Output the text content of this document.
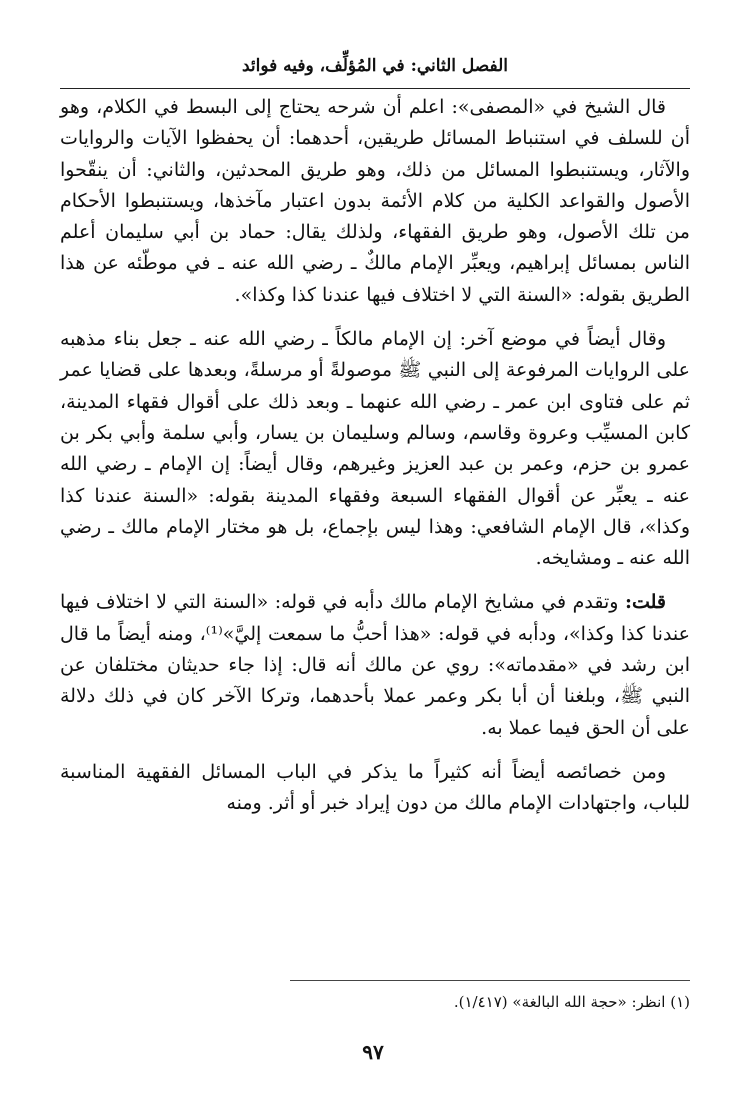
الفصل الثاني: في المُؤلِّف، وفيه فوائد

قال الشيخ في «المصفى»: اعلم أن شرحه يحتاج إلى البسط في الكلام، وهو أن للسلف في استنباط المسائل طريقين، أحدهما: أن يحفظوا الآيات والروايات والآثار، ويستنبطوا المسائل من ذلك، وهو طريق المحدثين، والثاني: أن ينقّحوا الأصول والقواعد الكلية من كلام الأئمة بدون اعتبار مآخذها، ويستنبطوا الأحكام من تلك الأصول، وهو طريق الفقهاء، ولذلك يقال: حماد بن أبي سليمان أعلم الناس بمسائل إبراهيم، ويعبِّر الإمام مالكٌ ـ رضي الله عنه ـ في موطّئه عن هذا الطريق بقوله: «السنة التي لا اختلاف فيها عندنا كذا وكذا».

وقال أيضاً في موضع آخر: إن الإمام مالكاً ـ رضي الله عنه ـ جعل بناء مذهبه على الروايات المرفوعة إلى النبي ﷺ موصولةً أو مرسلةً، وبعدها على قضايا عمر ثم على فتاوى ابن عمر ـ رضي الله عنهما ـ وبعد ذلك على أقوال فقهاء المدينة، كابن المسيِّب وعروة وقاسم، وسالم وسليمان بن يسار، وأبي سلمة وأبي بكر بن عمرو بن حزم، وعمر بن عبد العزيز وغيرهم، وقال أيضاً: إن الإمام ـ رضي الله عنه ـ يعبِّر عن أقوال الفقهاء السبعة وفقهاء المدينة بقوله: «السنة عندنا كذا وكذا»، قال الإمام الشافعي: وهذا ليس بإجماع، بل هو مختار الإمام مالك ـ رضي الله عنه ـ ومشايخه.

قلت: وتقدم في مشايخ الإمام مالك دأبه في قوله: «السنة التي لا اختلاف فيها عندنا كذا وكذا»، ودأبه في قوله: «هذا أحبُّ ما سمعت إليَّ»⁽¹⁾، ومنه أيضاً ما قال ابن رشد في «مقدماته»: روي عن مالك أنه قال: إذا جاء حديثان مختلفان عن النبي ﷺ، وبلغنا أن أبا بكر وعمر عملا بأحدهما، وتركا الآخر كان في ذلك دلالة على أن الحق فيما عملا به.

ومن خصائصه أيضاً أنه كثيراً ما يذكر في الباب المسائل الفقهية المناسبة للباب، واجتهادات الإمام مالك من دون إيراد خبر أو أثر. ومنه

(١) انظر: «حجة الله البالغة» (١/٤١٧).
٩٧
